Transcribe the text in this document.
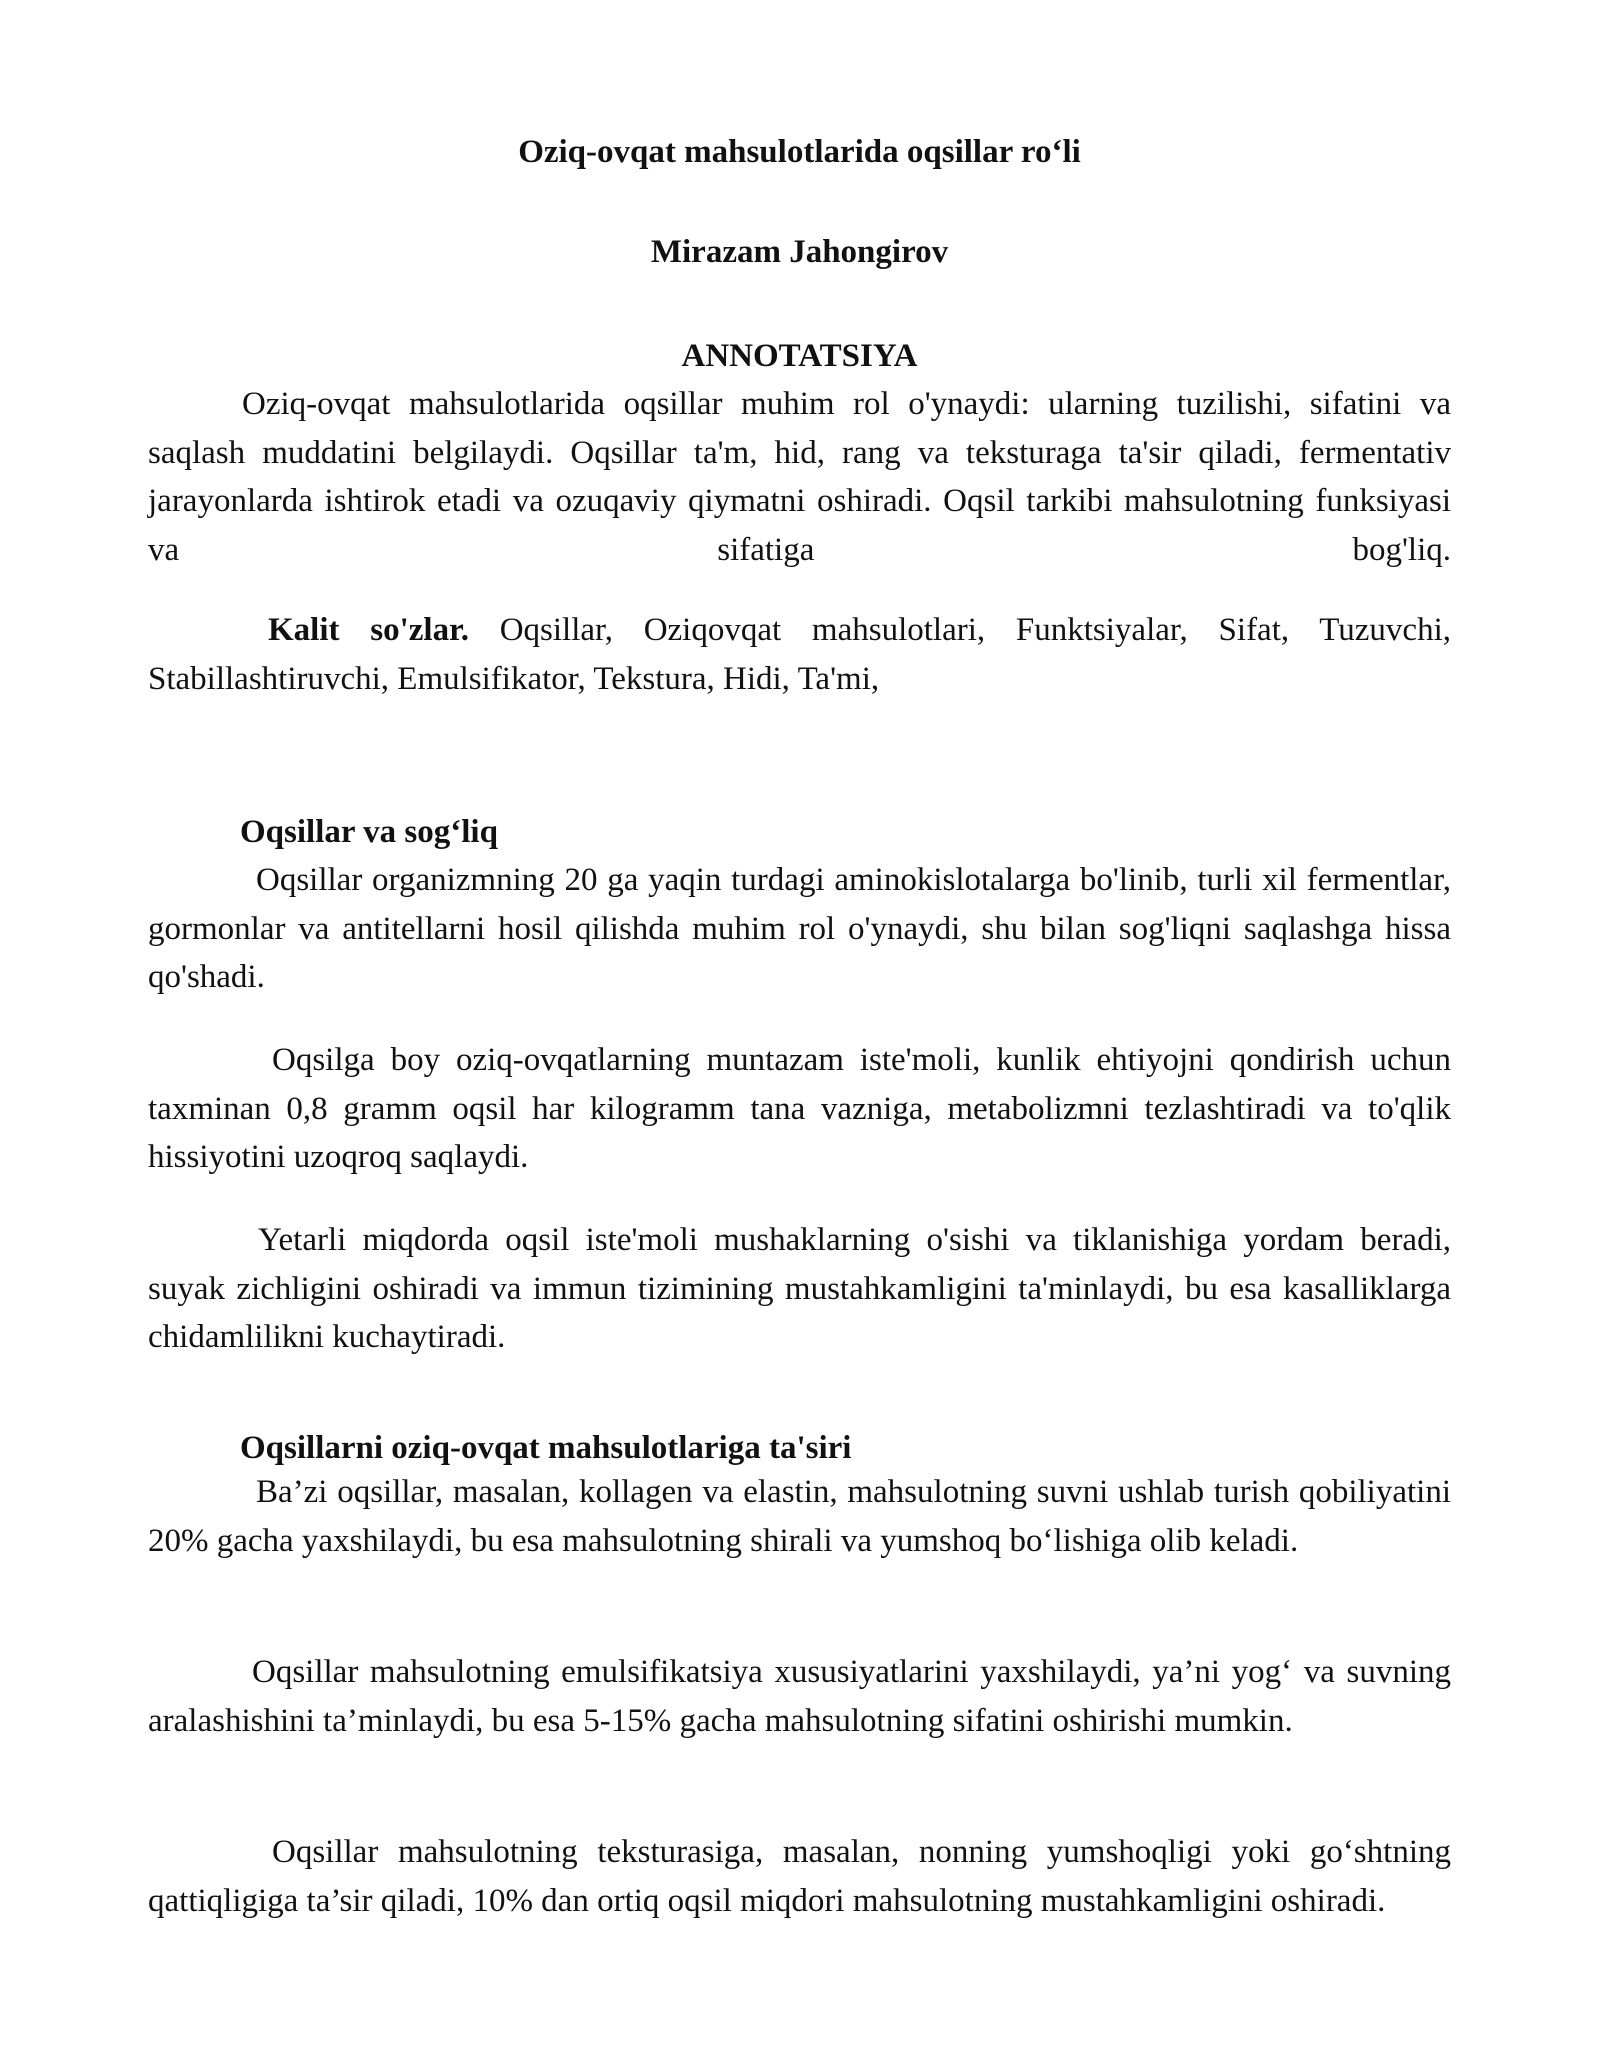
Oziq-ovqat mahsulotlarida oqsillar ro‘li

Mirazam Jahongirov

ANNOTATSIYA

Oziq-ovqat mahsulotlarida oqsillar muhim rol o'ynaydi: ularning tuzilishi, sifatini va saqlash muddatini belgilaydi. Oqsillar ta'm, hid, rang va teksturaga ta'sir qiladi, fermentativ jarayonlarda ishtirok etadi va ozuqaviy qiymatni oshiradi. Oqsil tarkibi mahsulotning funksiyasi va sifatiga bog'liq.

Kalit so'zlar. Oqsillar, Oziqovqat mahsulotlari, Funktsiyalar, Sifat, Tuzuvchi, Stabillashtiruvchi, Emulsifikator, Tekstura, Hidi, Ta'mi,

Oqsillar va sog‘liq

Oqsillar organizmning 20 ga yaqin turdagi aminokislotalarga bo'linib, turli xil fermentlar, gormonlar va antitellarni hosil qilishda muhim rol o'ynaydi, shu bilan sog'liqni saqlashga hissa qo'shadi.

Oqsilga boy oziq-ovqatlarning muntazam iste'moli, kunlik ehtiyojni qondirish uchun taxminan 0,8 gramm oqsil har kilogramm tana vazniga, metabolizmni tezlashtiradi va to'qlik hissiyotini uzoqroq saqlaydi.

Yetarli miqdorda oqsil iste'moli mushaklarning o'sishi va tiklanishiga yordam beradi, suyak zichligini oshiradi va immun tizimining mustahkamligini ta'minlaydi, bu esa kasalliklarga chidamlilikni kuchaytiradi.

Oqsillarni oziq-ovqat mahsulotlariga ta'siri

Ba’zi oqsillar, masalan, kollagen va elastin, mahsulotning suvni ushlab turish qobiliyatini 20% gacha yaxshilaydi, bu esa mahsulotning shirali va yumshoq bo‘lishiga olib keladi.

Oqsillar mahsulotning emulsifikatsiya xususiyatlarini yaxshilaydi, ya’ni yog‘ va suvning aralashishini ta’minlaydi, bu esa 5-15% gacha mahsulotning sifatini oshirishi mumkin.

Oqsillar mahsulotning teksturasiga, masalan, nonning yumshoqligi yoki go‘shtning qattiqligiga ta’sir qiladi, 10% dan ortiq oqsil miqdori mahsulotning mustahkamligini oshiradi.
